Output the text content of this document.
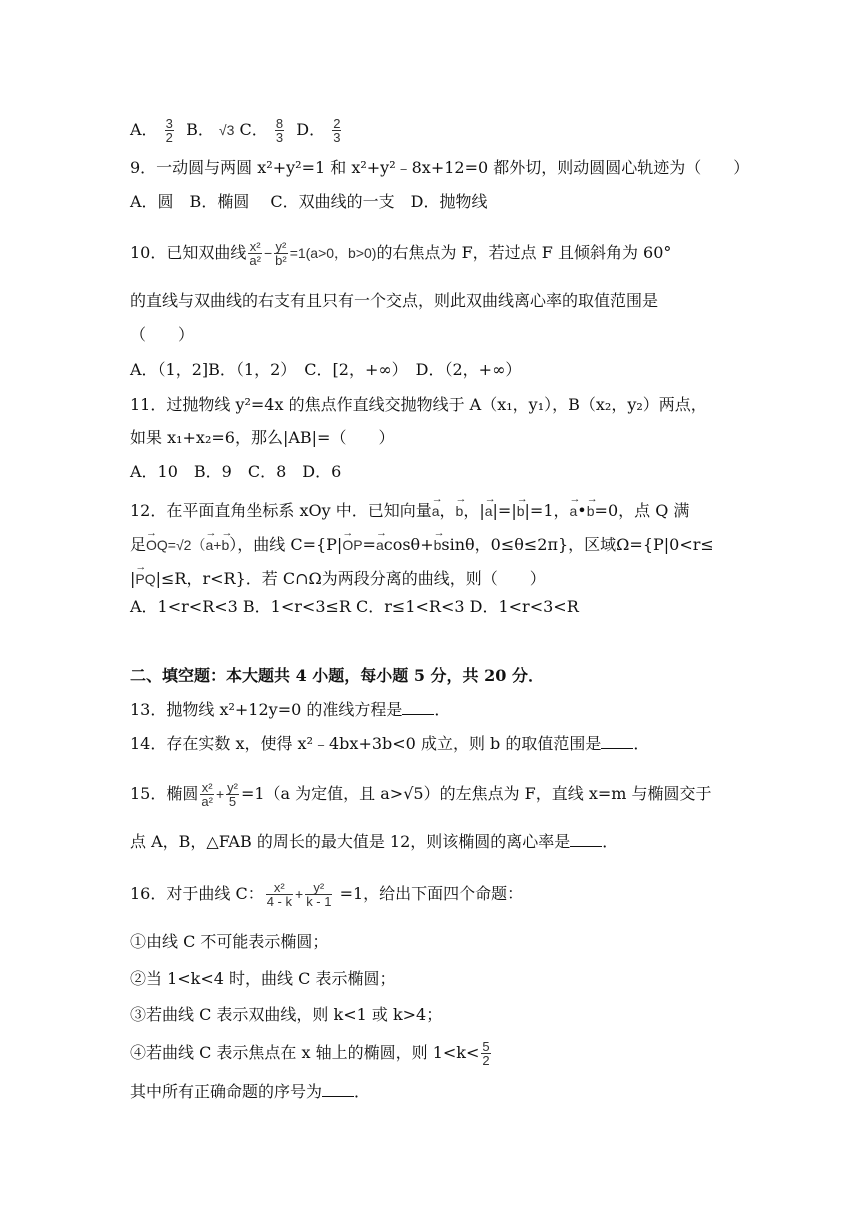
A． $\frac{3}{2}$ B． √3 C． $\frac{8}{3}$ D． $\frac{2}{3}$
9．一动圆与两圆 x²+y²=1 和 x²+y²﹣8x+12=0 都外切，则动圆圆心轨迹为（　　）
A．圆　B．椭圆　 C．双曲线的一支　D．抛物线
10．已知双曲线 $\frac{\text{x²}}{\text{a²}} - \frac{\text{y²}}{\text{b²}} =1(a>0$，b>0)的右焦点为 F，若过点 F 且倾斜角为 60°
的直线与双曲线的右支有且只有一个交点，则此双曲线离心率的取值范围是
（　　）
A．（1，2]B．（1，2）　C．[2，+∞）　D．（2，+∞）
11．过抛物线 y²=4x 的焦点作直线交抛物线于 A（x₁，y₁），B（x₂，y₂）两点，
如果 x₁+x₂=6，那么|AB|=（　　）
A．10　B．9　C．8　D．6
12．在平面直角坐标系 xOy 中．已知向量→ a，→ b，|→ a|=|→ b|=1，→ a•→ b=0，点 Q 满
足→ OQ=√2（→ a+→ b），曲线 C={P|→ OP=→ acosθ+→ bsinθ，0≤θ≤2π}，区域Ω={P|0<r≤
|→ PQ|≤R，r<R}．若 C∩Ω为两段分离的曲线，则（　　）
A．1<r<R<3 B．1<r<3≤R C．r≤1<R<3 D．1<r<3<R
二、填空题：本大题共 4 小题，每小题 5 分，共 20 分．
13．抛物线 x²+12y=0 的准线方程是 ．
14．存在实数 x，使得 x²﹣4bx+3b<0 成立，则 b 的取值范围是 ．
15．椭圆 $\frac{\text{x²}}{\text{a²}} + \frac{\text{y²}}{5} =1(a$ 为定值，且 a>√5）的左焦点为 F，直线 x=m 与椭圆交于
点 A，B，△FAB 的周长的最大值是 12，则该椭圆的离心率是 ．
16．对于曲线 C： $\frac{\text{x²}}{4 - k} + \frac{\text{y²}}{k - 1} =1$，给出下面四个命题：
①由线 C 不可能表示椭圆；
②当 1<k<4 时，曲线 C 表示椭圆；
③若曲线 C 表示双曲线，则 k<1 或 k>4；
④若曲线 C 表示焦点在 x 轴上的椭圆，则 $1<k< \frac{5}{2}$
其中所有正确命题的序号为 ．
